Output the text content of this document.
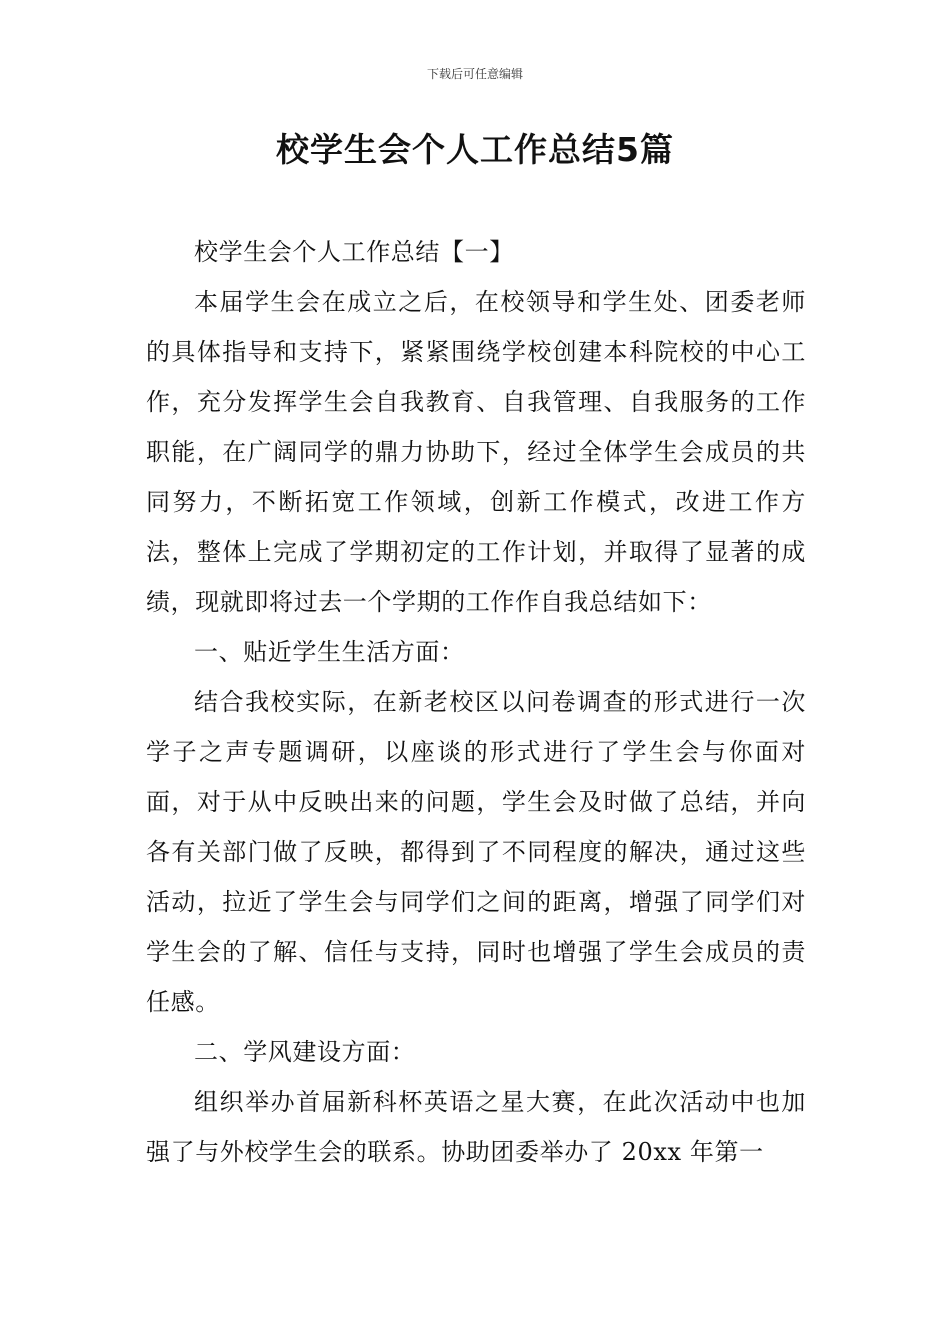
下载后可任意编辑
校学生会个人工作总结5篇

校学生会个人工作总结【一】

本届学生会在成立之后，在校领导和学生处、团委老师的具体指导和支持下，紧紧围绕学校创建本科院校的中心工作，充分发挥学生会自我教育、自我管理、自我服务的工作职能，在广阔同学的鼎力协助下，经过全体学生会成员的共同努力，不断拓宽工作领域，创新工作模式，改进工作方法，整体上完成了学期初定的工作计划，并取得了显著的成绩，现就即将过去一个学期的工作作自我总结如下：

一、贴近学生生活方面：

结合我校实际，在新老校区以问卷调查的形式进行一次学子之声专题调研，以座谈的形式进行了学生会与你面对面，对于从中反映出来的问题，学生会及时做了总结，并向各有关部门做了反映，都得到了不同程度的解决，通过这些活动，拉近了学生会与同学们之间的距离，增强了同学们对学生会的了解、信任与支持，同时也增强了学生会成员的责任感。

二、学风建设方面：

组织举办首届新科杯英语之星大赛，在此次活动中也加强了与外校学生会的联系。协助团委举办了 20xx 年第一
